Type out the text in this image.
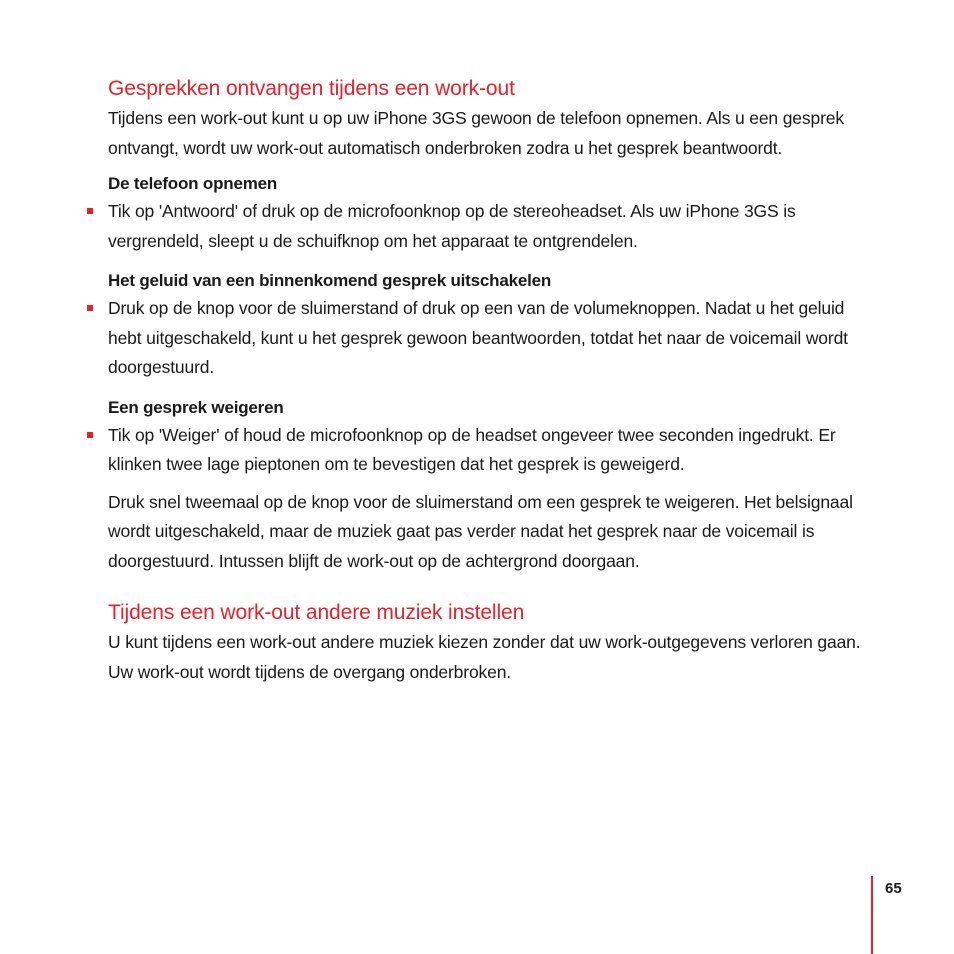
Gesprekken ontvangen tijdens een work-out

Tijdens een work-out kunt u op uw iPhone 3GS gewoon de telefoon opnemen. Als u een gesprek ontvangt, wordt uw work-out automatisch onderbroken zodra u het gesprek beantwoordt.

De telefoon opnemen

Tik op 'Antwoord' of druk op de microfoonknop op de stereoheadset. Als uw iPhone 3GS is vergrendeld, sleept u de schuifknop om het apparaat te ontgrendelen.

Het geluid van een binnenkomend gesprek uitschakelen

Druk op de knop voor de sluimerstand of druk op een van de volumeknoppen. Nadat u het geluid hebt uitgeschakeld, kunt u het gesprek gewoon beantwoorden, totdat het naar de voicemail wordt doorgestuurd.

Een gesprek weigeren

Tik op 'Weiger' of houd de microfoonknop op de headset ongeveer twee seconden ingedrukt. Er klinken twee lage pieptonen om te bevestigen dat het gesprek is geweigerd.

Druk snel tweemaal op de knop voor de sluimerstand om een gesprek te weigeren. Het belsignaal wordt uitgeschakeld, maar de muziek gaat pas verder nadat het gesprek naar de voicemail is doorgestuurd. Intussen blijft de work-out op de achtergrond doorgaan.

Tijdens een work-out andere muziek instellen

U kunt tijdens een work-out andere muziek kiezen zonder dat uw work-outgegevens verloren gaan. Uw work-out wordt tijdens de overgang onderbroken.

65
